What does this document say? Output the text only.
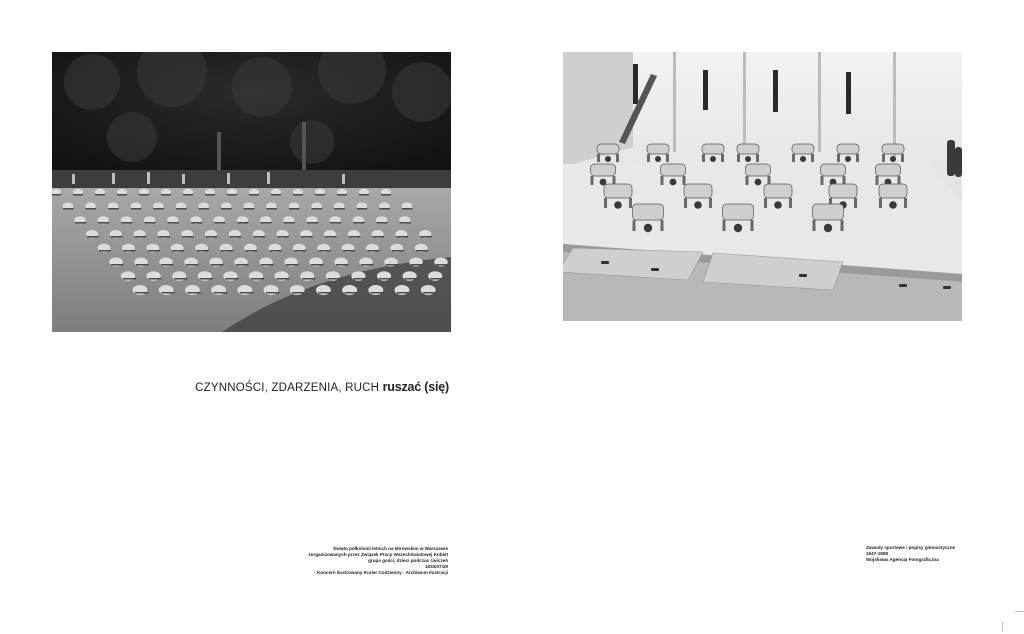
Święto półkolonii letnich na Mirowskim w Warszawie
zorganizowanych przez Związek Pracy Wszechświatowej Kobiet
grupa gości, dzieci podczas ćwiczeń
1933/07/29
- Koncern Ilustrowany Kurier Codzienny - Archiwum Ilustracji
CZYNNOŚCI, ZDARZENIA, RUCH ruszać (się)
Zawody sportowe i popisy gimnastyczne
1947-1958
Wojskowa Agencja Fotograficzna
